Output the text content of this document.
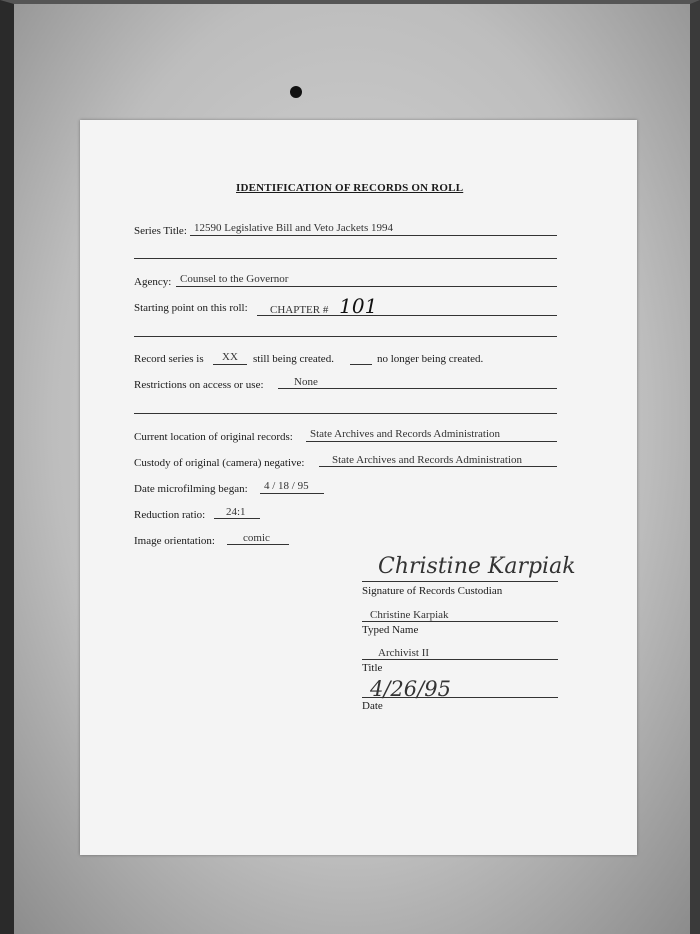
IDENTIFICATION OF RECORDS ON ROLL
Series Title: 12590 Legislative Bill and Veto Jackets 1994
Agency: Counsel to the Governor
Starting point on this roll:	CHAPTER # 101
Record series is	XX	still being created.	no longer being created.
Restrictions on access or use:	None
Current location of original records:	State Archives and Records Administration
Custody of original (camera) negative:	State Archives and Records Administration
Date microfilming began:	4 / 18 / 95
Reduction ratio:	24:1
Image orientation:	comic
Christine Karpiak
Signature of Records Custodian
Christine Karpiak
Typed Name
Archivist II
Title
4/26/95
Date
